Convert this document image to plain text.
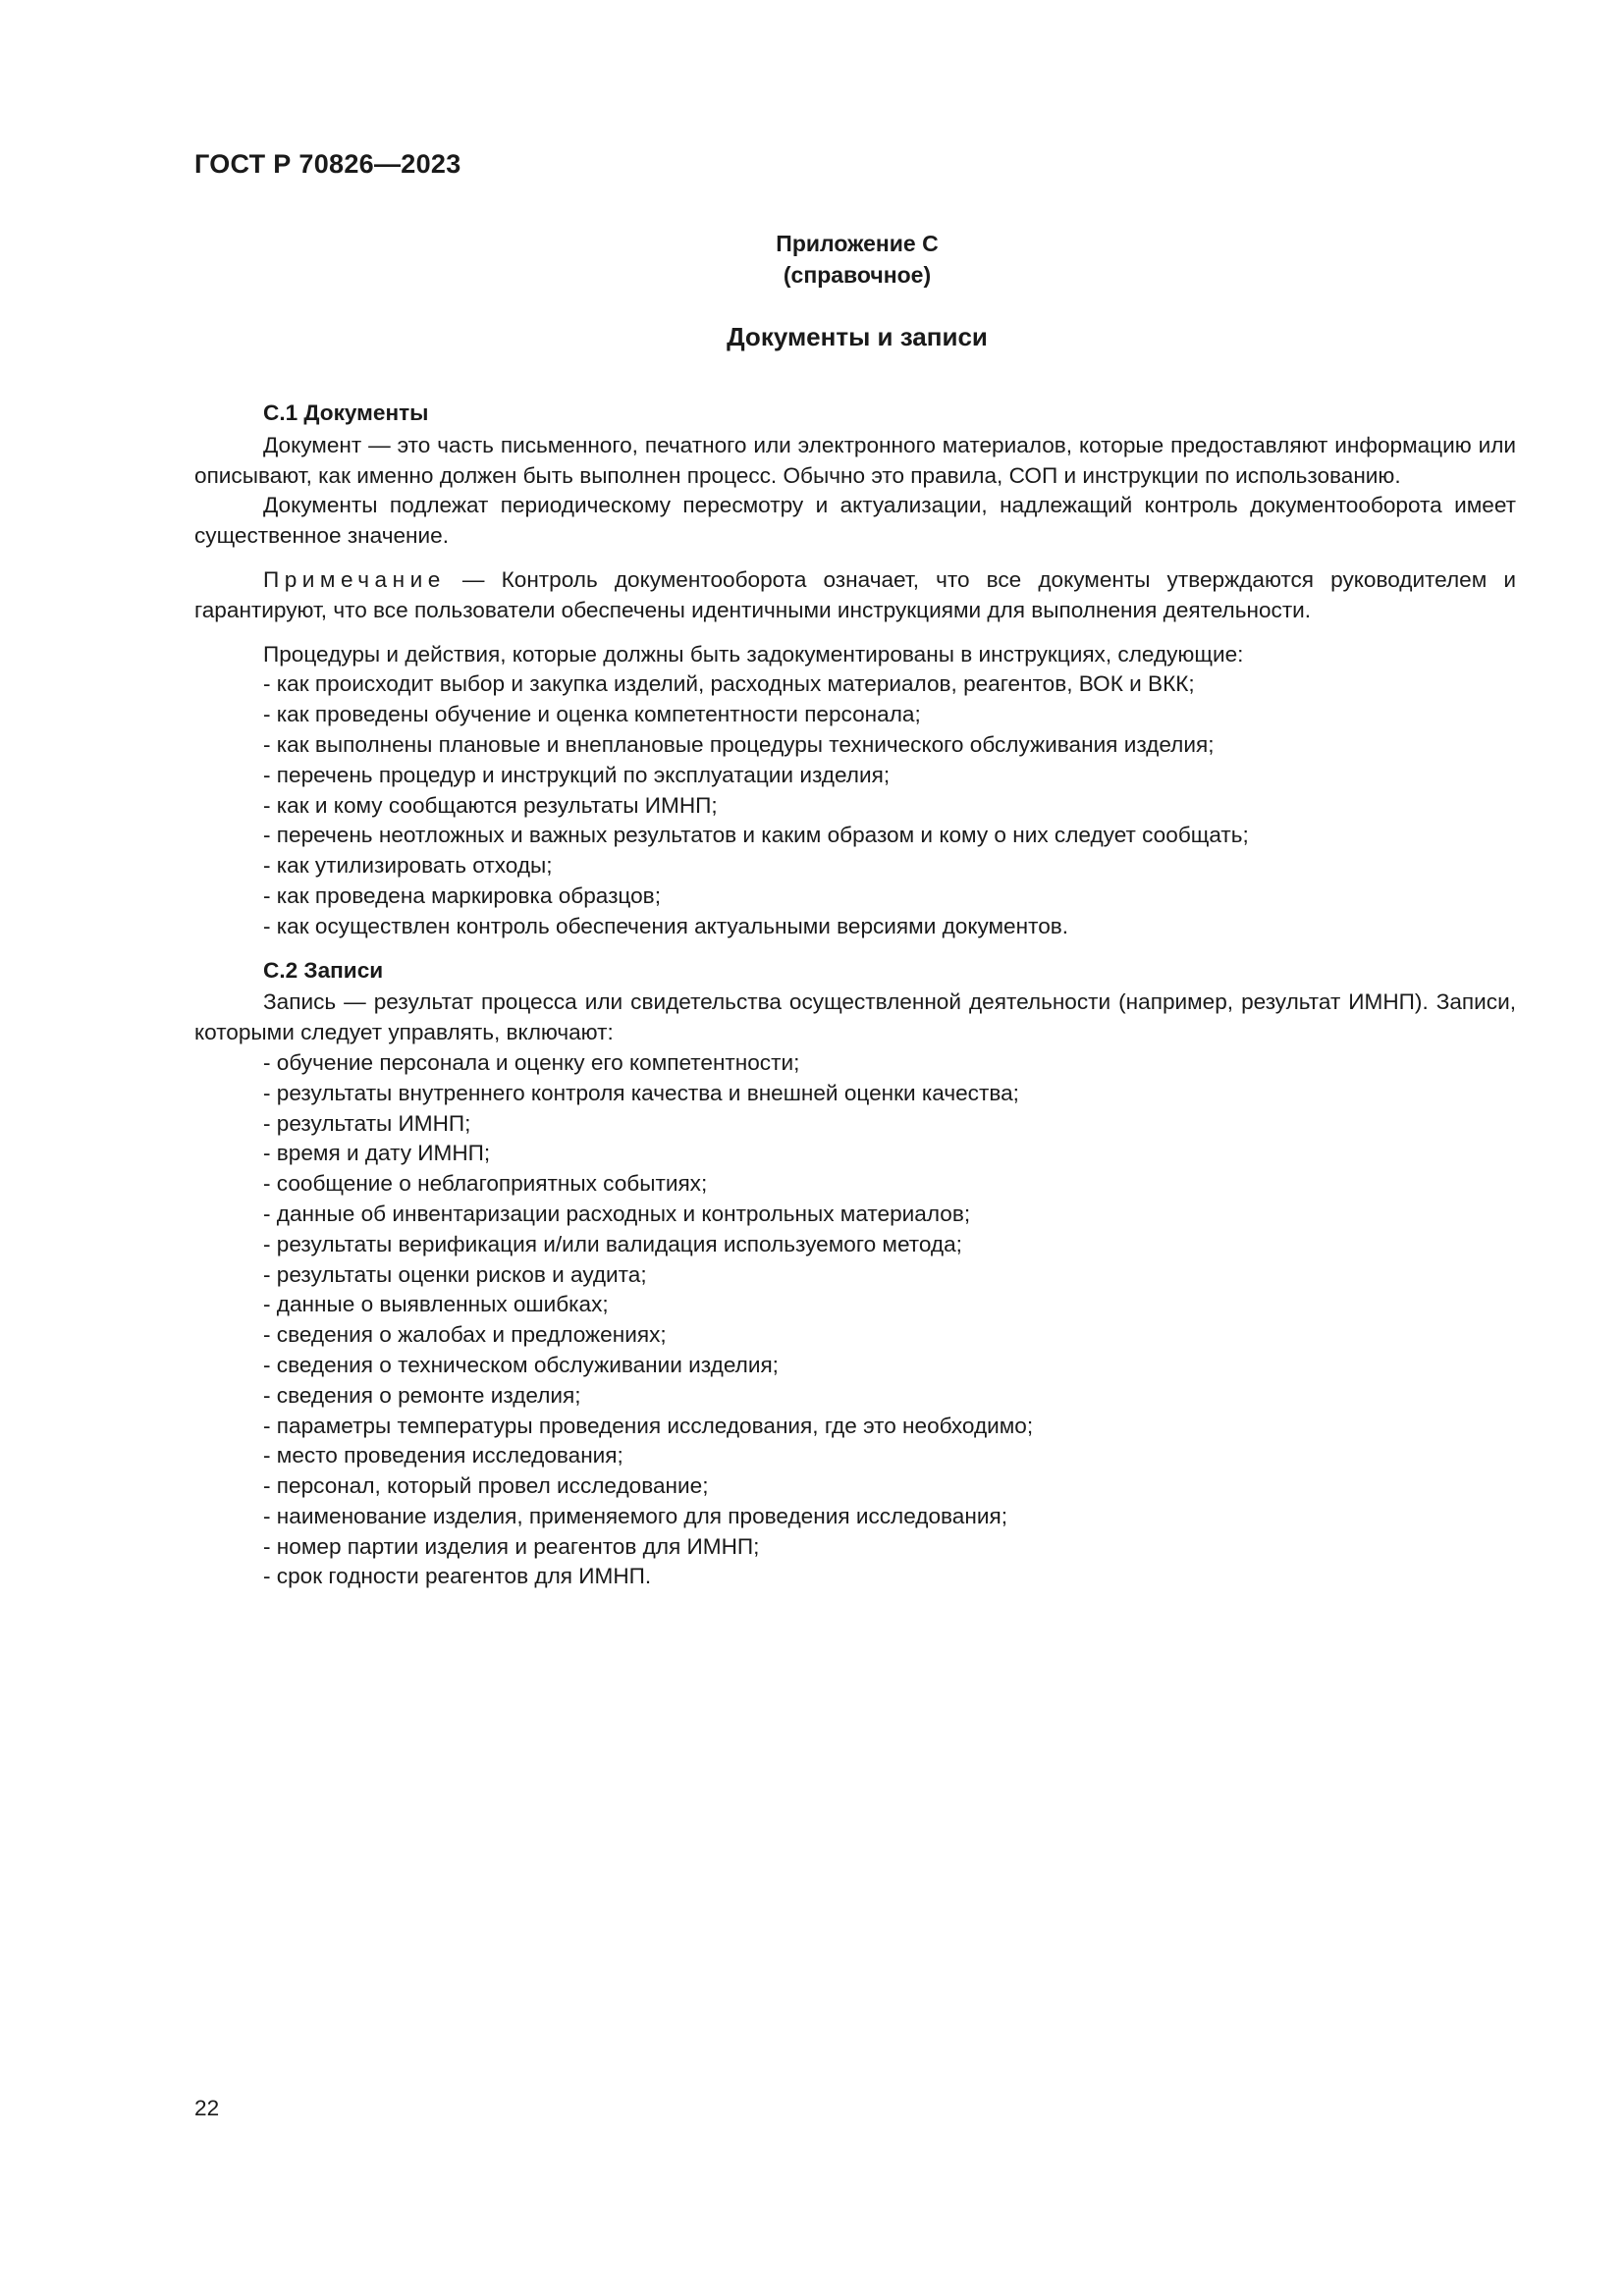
ГОСТ Р 70826—2023
Приложение С
(справочное)
Документы и записи
С.1 Документы

Документ — это часть письменного, печатного или электронного материалов, которые предоставляют информацию или описывают, как именно должен быть выполнен процесс. Обычно это правила, СОП и инструкции по использованию.

Документы подлежат периодическому пересмотру и актуализации, надлежащий контроль документооборота имеет существенное значение.

Примечание — Контроль документооборота означает, что все документы утверждаются руководителем и гарантируют, что все пользователи обеспечены идентичными инструкциями для выполнения деятельности.

Процедуры и действия, которые должны быть задокументированы в инструкциях, следующие:

- как происходит выбор и закупка изделий, расходных материалов, реагентов, ВОК и ВКК;
- как проведены обучение и оценка компетентности персонала;
- как выполнены плановые и внеплановые процедуры технического обслуживания изделия;
- перечень процедур и инструкций по эксплуатации изделия;
- как и кому сообщаются результаты ИМНП;
- перечень неотложных и важных результатов и каким образом и кому о них следует сообщать;
- как утилизировать отходы;
- как проведена маркировка образцов;
- как осуществлен контроль обеспечения актуальными версиями документов.
С.2 Записи

Запись — результат процесса или свидетельства осуществленной деятельности (например, результат ИМНП). Записи, которыми следует управлять, включают:

- обучение персонала и оценку его компетентности;
- результаты внутреннего контроля качества и внешней оценки качества;
- результаты ИМНП;
- время и дату ИМНП;
- сообщение о неблагоприятных событиях;
- данные об инвентаризации расходных и контрольных материалов;
- результаты верификация и/или валидация используемого метода;
- результаты оценки рисков и аудита;
- данные о выявленных ошибках;
- сведения о жалобах и предложениях;
- сведения о техническом обслуживании изделия;
- сведения о ремонте изделия;
- параметры температуры проведения исследования, где это необходимо;
- место проведения исследования;
- персонал, который провел исследование;
- наименование изделия, применяемого для проведения исследования;
- номер партии изделия и реагентов для ИМНП;
- срок годности реагентов для ИМНП.
22
